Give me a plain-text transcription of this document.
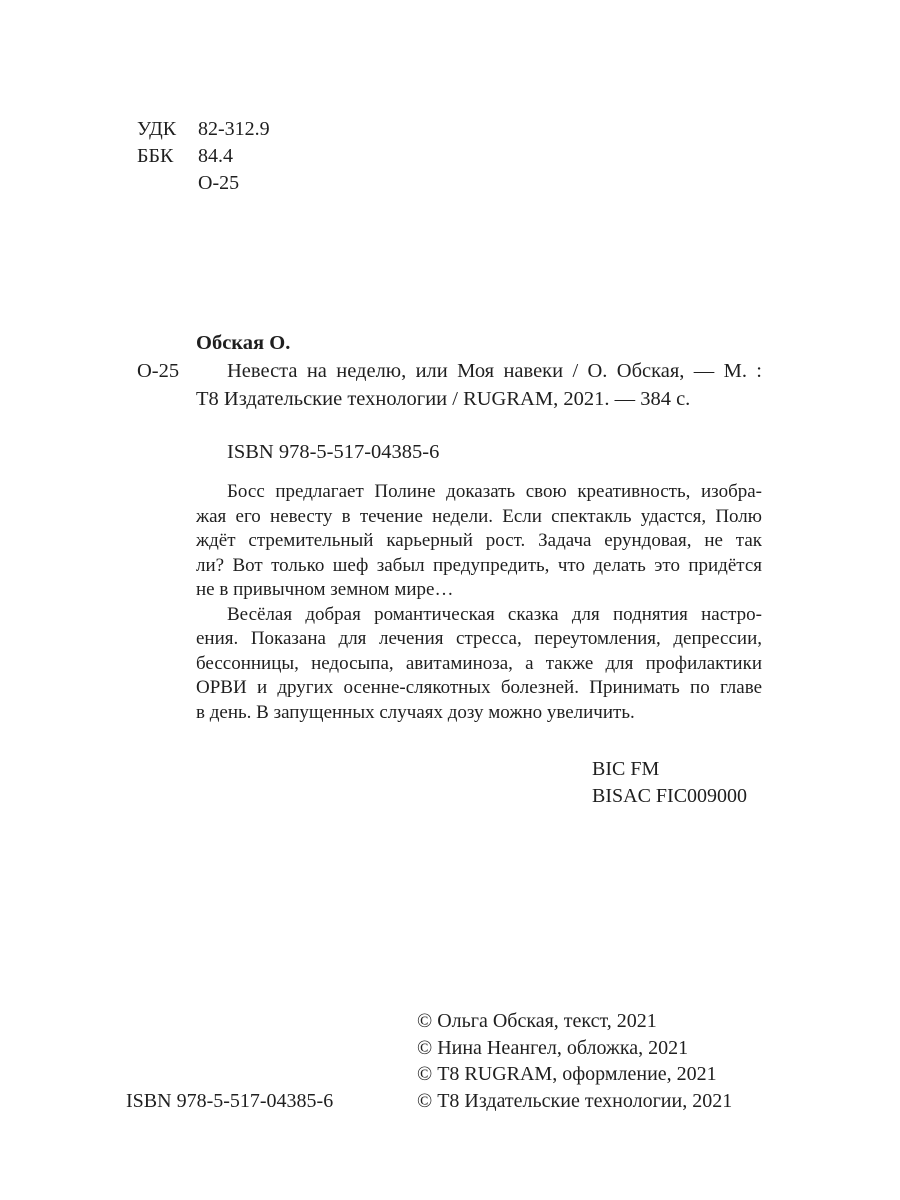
УДК 82-312.9
ББК 84.4
О-25
Обская О.
О-25	Невеста на неделю, или Моя навеки / О. Обская, — М. :
Т8 Издательские технологии / RUGRAM, 2021. — 384 с.
ISBN 978-5-517-04385-6
Босс предлагает Полине доказать свою креативность, изобра-
жая его невесту в течение недели. Если спектакль удастся, Полю
ждёт стремительный карьерный рост. Задача ерундовая, не так
ли? Вот только шеф забыл предупредить, что делать это придётся
не в привычном земном мире…
Весёлая добрая романтическая сказка для поднятия настро-
ения. Показана для лечения стресса, переутомления, депрессии,
бессонницы, недосыпа, авитаминоза, а также для профилактики
ОРВИ и других осенне-слякотных болезней. Принимать по главе
в день. В запущенных случаях дозу можно увеличить.
BIC FM
BISAC FIC009000
ISBN 978-5-517-04385-6
© Ольга Обская, текст, 2021
© Нина Неангел, обложка, 2021
© Т8 RUGRAM, оформление, 2021
© Т8 Издательские технологии, 2021
